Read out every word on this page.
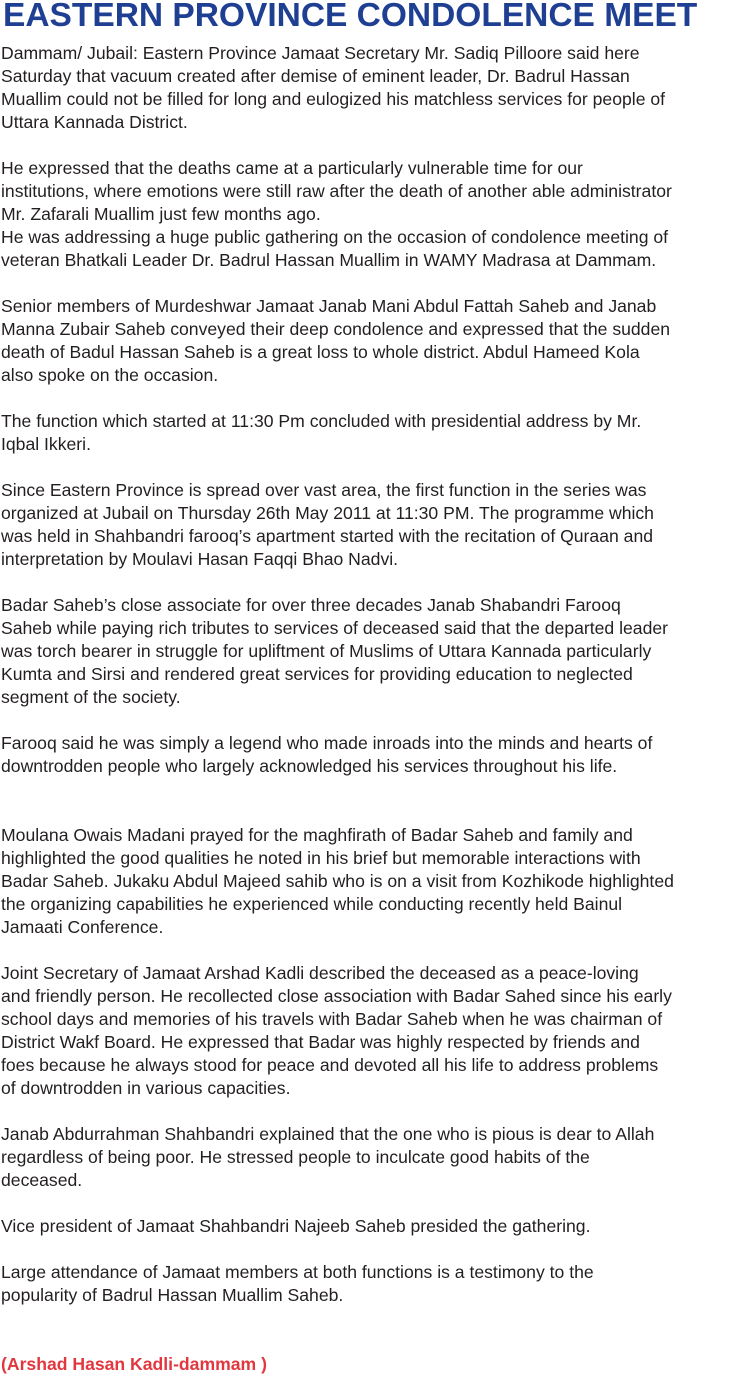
EASTERN PROVINCE CONDOLENCE MEET

Dammam/ Jubail: Eastern Province Jamaat Secretary Mr. Sadiq Pilloore said here
Saturday that vacuum created after demise of eminent leader, Dr. Badrul Hassan
Muallim could not be filled for long and eulogized his matchless services for people of
Uttara Kannada District.

He expressed that the deaths came at a particularly vulnerable time for our
institutions, where emotions were still raw after the death of another able administrator
Mr. Zafarali Muallim just few months ago.
He was addressing a huge public gathering on the occasion of condolence meeting of
veteran Bhatkali Leader Dr. Badrul Hassan Muallim in WAMY Madrasa at Dammam.

Senior members of Murdeshwar Jamaat Janab Mani Abdul Fattah Saheb and Janab
Manna Zubair Saheb conveyed their deep condolence and expressed that the sudden
death of Badul Hassan Saheb is a great loss to whole district. Abdul Hameed Kola
also spoke on the occasion.

The function which started at 11:30 Pm concluded with presidential address by Mr.
Iqbal Ikkeri.

Since Eastern Province is spread over vast area, the first function in the series was
organized at Jubail on Thursday 26th May 2011 at 11:30 PM. The programme which
was held in Shahbandri farooq’s apartment started with the recitation of Quraan and
interpretation by Moulavi Hasan Faqqi Bhao Nadvi.

Badar Saheb’s close associate for over three decades Janab Shabandri Farooq
Saheb while paying rich tributes to services of deceased said that the departed leader
was torch bearer in struggle for upliftment of Muslims of Uttara Kannada particularly
Kumta and Sirsi and rendered great services for providing education to neglected
segment of the society.

Farooq said he was simply a legend who made inroads into the minds and hearts of
downtrodden people who largely acknowledged his services throughout his life.

Moulana Owais Madani prayed for the maghfirath of Badar Saheb and family and
highlighted the good qualities he noted in his brief but memorable interactions with
Badar Saheb. Jukaku Abdul Majeed sahib who is on a visit from Kozhikode highlighted
the organizing capabilities he experienced while conducting recently held Bainul
Jamaati Conference.

Joint Secretary of Jamaat Arshad Kadli described the deceased as a peace-loving
and friendly person. He recollected close association with Badar Sahed since his early
school days and memories of his travels with Badar Saheb when he was chairman of
District Wakf Board. He expressed that Badar was highly respected by friends and
foes because he always stood for peace and devoted all his life to address problems
of downtrodden in various capacities.

Janab Abdurrahman Shahbandri explained that the one who is pious is dear to Allah
regardless of being poor. He stressed people to inculcate good habits of the
deceased.

Vice president of Jamaat Shahbandri Najeeb Saheb presided the gathering.

Large attendance of Jamaat members at both functions is a testimony to the
popularity of Badrul Hassan Muallim Saheb.

(Arshad Hasan Kadli-dammam )
